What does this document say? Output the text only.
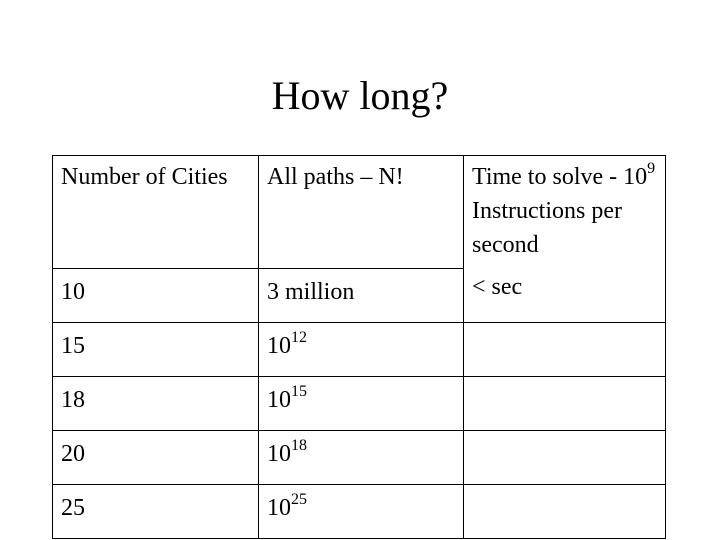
How long?
Number of Cities	All paths – N!	Time to solve - $10^9$ Instructions per second

10	3 million	< sec

15	$10^{12}$

18	$10^{15}$

20	$10^{18}$

25	$10^{25}$
